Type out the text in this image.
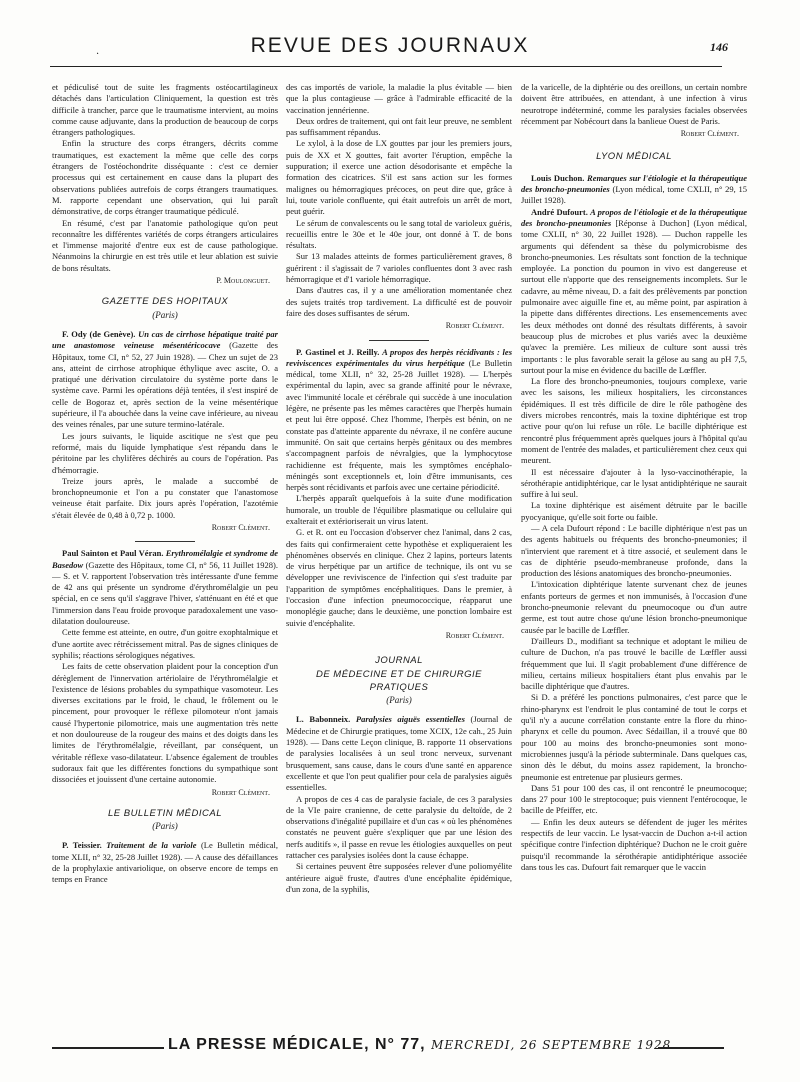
.	REVUE DES JOURNAUX	146

et pédiculisé tout de suite les fragments ostéocartilagineux détachés dans l'articulation Cliniquement, la question est très difficile à trancher, parce que le traumatisme intervient, au moins comme cause adjuvante, dans la production de beaucoup de corps étrangers pathologiques.

Enfin la structure des corps étrangers, décrits comme traumatiques, est exactement la même que celle des corps étrangers de l'ostéochondrite disséquante : c'est ce dernier processus qui est certainement en cause dans la plupart des observations publiées autrefois de corps étrangers traumatiques. M. rapporte cependant une observation, qui lui paraît démonstrative, de corps étranger traumatique pédiculé.

En résumé, c'est par l'anatomie pathologique qu'on peut reconnaître les différentes variétés de corps étrangers articulaires et l'immense majorité d'entre eux est de cause pathologique. Néanmoins la chirurgie en est très utile et leur ablation est suivie de bons résultats.

P. Moulonguet.

GAZETTE DES HOPITAUX
(Paris)

F. Ody (de Genève). Un cas de cirrhose hépatique traité par une anastomose veineuse mésentéricocave (Gazette des Hôpitaux, tome CI, n° 52, 27 Juin 1928). — Chez un sujet de 23 ans, atteint de cirrhose atrophique éthylique avec ascite, O. a pratiqué une dérivation circulatoire du système porte dans le système cave. Parmi les opérations déjà tentées, il s'est inspiré de celle de Bogoraz et, après section de la veine mésentérique supérieure, il l'a abouchée dans la veine cave inférieure, au niveau des veines rénales, par une suture termino-latérale.

Les jours suivants, le liquide ascitique ne s'est que peu reformé, mais du liquide lymphatique s'est répandu dans le péritoine par les chylifères déchirés au cours de l'opération. Pas d'hémorragie.

Treize jours après, le malade a succombé de bronchopneumonie et l'on a pu constater que l'anastomose veineuse était parfaite. Dix jours après l'opération, l'azotémie s'était élevée de 0,48 à 0,72 p. 1000.

Robert Clément.

Paul Sainton et Paul Véran. Erythromélalgie et syndrome de Basedow (Gazette des Hôpitaux, tome CI, n° 56, 11 Juillet 1928). — S. et V. rapportent l'observation très intéressante d'une femme de 42 ans qui présente un syndrome d'érythromélalgie un peu spécial, en ce sens qu'il s'aggrave l'hiver, s'atténuant en été et que l'immersion dans l'eau froide provoque paradoxalement une vaso-dilatation douloureuse.

Cette femme est atteinte, en outre, d'un goitre exophtalmique et d'une aortite avec rétrécissement mitral. Pas de signes cliniques de syphilis; réactions sérologiques négatives.

Les faits de cette observation plaident pour la conception d'un dérèglement de l'innervation artériolaire de l'érythromélalgie et l'existence de lésions probables du sympathique vasomoteur. Les diverses excitations par le froid, le chaud, le frôlement ou le pincement, pour provoquer le réflexe pilomoteur n'ont jamais causé l'hypertonie pilomotrice, mais une augmentation très nette et non douloureuse de la rougeur des mains et des doigts dans les limites de l'érythromélalgie, réveillant, par conséquent, un véritable réflexe vaso-dilatateur. L'absence également de troubles sudoraux fait que les différentes fonctions du sympathique sont dissociées et jouissent d'une certaine autonomie.

Robert Clément.

LE BULLETIN MÉDICAL
(Paris)

P. Teissier. Traitement de la variole (Le Bulletin médical, tome XLII, n° 32, 25-28 Juillet 1928). — A cause des défaillances de la prophylaxie antivariolique, on observe encore de temps en temps en France

des cas importés de variole, la maladie la plus évitable — bien que la plus contagieuse — grâce à l'admirable efficacité de la vaccination jennérienne.

Deux ordres de traitement, qui ont fait leur preuve, ne semblent pas suffisamment répandus.

Le xylol, à la dose de LX gouttes par jour les premiers jours, puis de XX et X gouttes, fait avorter l'éruption, empêche la suppuration; il exerce une action désodorisante et empêche la formation des cicatrices. S'il est sans action sur les formes malignes ou hémorragiques précoces, on peut dire que, grâce à lui, toute variole confluente, qui était autrefois un arrêt de mort, peut guérir.

Le sérum de convalescents ou le sang total de varioleux guéris, recueillis entre le 30e et le 40e jour, ont donné à T. de bons résultats.

Sur 13 malades atteints de formes particulièrement graves, 8 guérirent : il s'agissait de 7 varioles confluentes dont 3 avec rash hémorragique et d'1 variole hémorragique.

Dans d'autres cas, il y a une amélioration momentanée chez des sujets traités trop tardivement. La difficulté est de pouvoir faire des doses suffisantes de sérum.

Robert Clément.

P. Gastinel et J. Reilly. A propos des herpès récidivants : les reviviscences expérimentales du virus herpétique (Le Bulletin médical, tome XLII, n° 32, 25-28 Juillet 1928). — L'herpès expérimental du lapin, avec sa grande affinité pour le névraxe, avec l'immunité locale et cérébrale qui succède à une inoculation légère, ne présente pas les mêmes caractères que l'herpès humain et peut lui être opposé. Chez l'homme, l'herpès est bénin, on ne constate pas d'atteinte apparente du névraxe, il ne confère aucune immunité. On sait que certains herpès génitaux ou des membres s'accompagnent parfois de névralgies, que la lymphocytose rachidienne est fréquente, mais les symptômes encéphalo-méningés sont exceptionnels et, loin d'être immunisants, ces herpès sont récidivants et parfois avec une certaine périodicité.

L'herpès apparaît quelquefois à la suite d'une modification humorale, un trouble de l'équilibre plasmatique ou cellulaire qui exalterait et extérioriserait un virus latent.

G. et R. ont eu l'occasion d'observer chez l'animal, dans 2 cas, des faits qui confirmeraient cette hypothèse et expliqueraient les phénomènes observés en clinique. Chez 2 lapins, porteurs latents de virus herpétique par un artifice de technique, ils ont vu se développer une reviviscence de l'infection qui s'est traduite par l'apparition de symptômes encéphalitiques. Dans le premier, à l'occasion d'une infection pneumococcique, réapparut une monoplégie gauche; dans le deuxième, une ponction lombaire est suivie d'encéphalite.

Robert Clément.

JOURNAL
DE MÉDECINE ET DE CHIRURGIE
PRATIQUES
(Paris)

L. Babonneix. Paralysies aiguës essentielles (Journal de Médecine et de Chirurgie pratiques, tome XCIX, 12e cah., 25 Juin 1928). — Dans cette Leçon clinique, B. rapporte 11 observations de paralysies localisées à un seul tronc nerveux, survenant brusquement, sans cause, dans le cours d'une santé en apparence excellente et que l'on peut qualifier pour cela de paralysies aiguës essentielles.

A propos de ces 4 cas de paralysie faciale, de ces 3 paralysies de la VIe paire cranienne, de cette paralysie du deltoïde, de 2 observations d'inégalité pupillaire et d'un cas « où les phénomènes constatés ne peuvent guère s'expliquer que par une lésion des nerfs auditifs », il passe en revue les étiologies auxquelles on peut rattacher ces paralysies isolées dont la cause échappe.

Si certaines peuvent être supposées relever d'une poliomyélite antérieure aiguë fruste, d'autres d'une encéphalite épidémique, d'un zona, de la syphilis,

de la varicelle, de la diphtérie ou des oreillons, un certain nombre doivent être attribuées, en attendant, à une infection à virus neurotrope indéterminé, comme les paralysies faciales observées récemment par Nobécourt dans la banlieue Ouest de Paris.

Robert Clément.

LYON MÉDICAL

Louis Duchon. Remarques sur l'étiologie et la thérapeutique des broncho-pneumonies (Lyon médical, tome CXLII, n° 29, 15 Juillet 1928).

André Dufourt. A propos de l'étiologie et de la thérapeutique des broncho-pneumonies [Réponse à Duchon] (Lyon médical, tome CXLII, n° 30, 22 Juillet 1928). — Duchon rappelle les arguments qui défendent sa thèse du polymicrobisme des broncho-pneumonies. Les résultats sont fonction de la technique employée. La ponction du poumon in vivo est dangereuse et surtout elle n'apporte que des renseignements incomplets. Sur le cadavre, au même niveau, D. a fait des prélèvements par ponction pulmonaire avec aiguille fine et, au même point, par aspiration à la pipette dans différentes directions. Les ensemencements avec les deux méthodes ont donné des résultats différents, à savoir beaucoup plus de microbes et plus variés avec la deuxième qu'avec la première. Les milieux de culture sont aussi très importants : le plus favorable serait la gélose au sang au pH 7,5, surtout pour la mise en évidence du bacille de Lœffler.

La flore des broncho-pneumonies, toujours complexe, varie avec les saisons, les milieux hospitaliers, les circonstances épidémiques. Il est très difficile de dire le rôle pathogène des divers microbes rencontrés, mais la toxine diphtérique est trop active pour qu'on lui refuse un rôle. Le bacille diphtérique est rencontré plus fréquemment après quelques jours à l'hôpital qu'au moment de l'entrée des malades, et particulièrement chez ceux qui meurent.

Il est nécessaire d'ajouter à la lyso-vaccinothérapie, la sérothérapie antidiphtérique, car le lysat antidiphtérique ne saurait suffire à lui seul.

La toxine diphtérique est aisément détruite par le bacille pyocyanique, qu'elle soit forte ou faible.

— A cela Dufourt répond : Le bacille diphtérique n'est pas un des agents habituels ou fréquents des broncho-pneumonies; il n'intervient que rarement et à titre associé, et seulement dans le cas de diphtérie pseudo-membraneuse profonde, dans la production des lésions anatomiques des broncho-pneumonies.

L'intoxication diphtérique latente survenant chez de jeunes enfants porteurs de germes et non immunisés, à l'occasion d'une broncho-pneumonie relevant du pneumocoque ou d'un autre germe, est tout autre chose qu'une lésion broncho-pneumonique causée par le bacille de Lœffler.

D'ailleurs D., modifiant sa technique et adoptant le milieu de culture de Duchon, n'a pas trouvé le bacille de Lœffler aussi fréquemment que lui. Il s'agit probablement d'une différence de milieu, certains milieux hospitaliers étant plus envahis par le bacille diphtérique que d'autres.

Si D. a préféré les ponctions pulmonaires, c'est parce que le rhino-pharynx est l'endroit le plus contaminé de tout le corps et qu'il n'y a aucune corrélation constante entre la flore du rhino-pharynx et celle du poumon. Avec Sédaillan, il a trouvé que 80 pour 100 au moins des broncho-pneumonies sont mono-microbiennes jusqu'à la période subterminale. Dans quelques cas, sinon dès le début, du moins assez rapidement, la broncho-pneumonie est entretenue par plusieurs germes.

Dans 51 pour 100 des cas, il ont rencontré le pneumocoque; dans 27 pour 100 le streptocoque; puis viennent l'entérocoque, le bacille de Pfeiffer, etc.

— Enfin les deux auteurs se défendent de juger les mérites respectifs de leur vaccin. Le lysat-vaccin de Duchon a-t-il action spécifique contre l'infection diphtérique? Duchon ne le croit guère puisqu'il recommande la sérothérapie antidiphtérique associée dans tous les cas. Dufourt fait remarquer que le vaccin

LA PRESSE MÉDICALE, N° 77, MERCREDI, 26 SEPTEMBRE 1928
